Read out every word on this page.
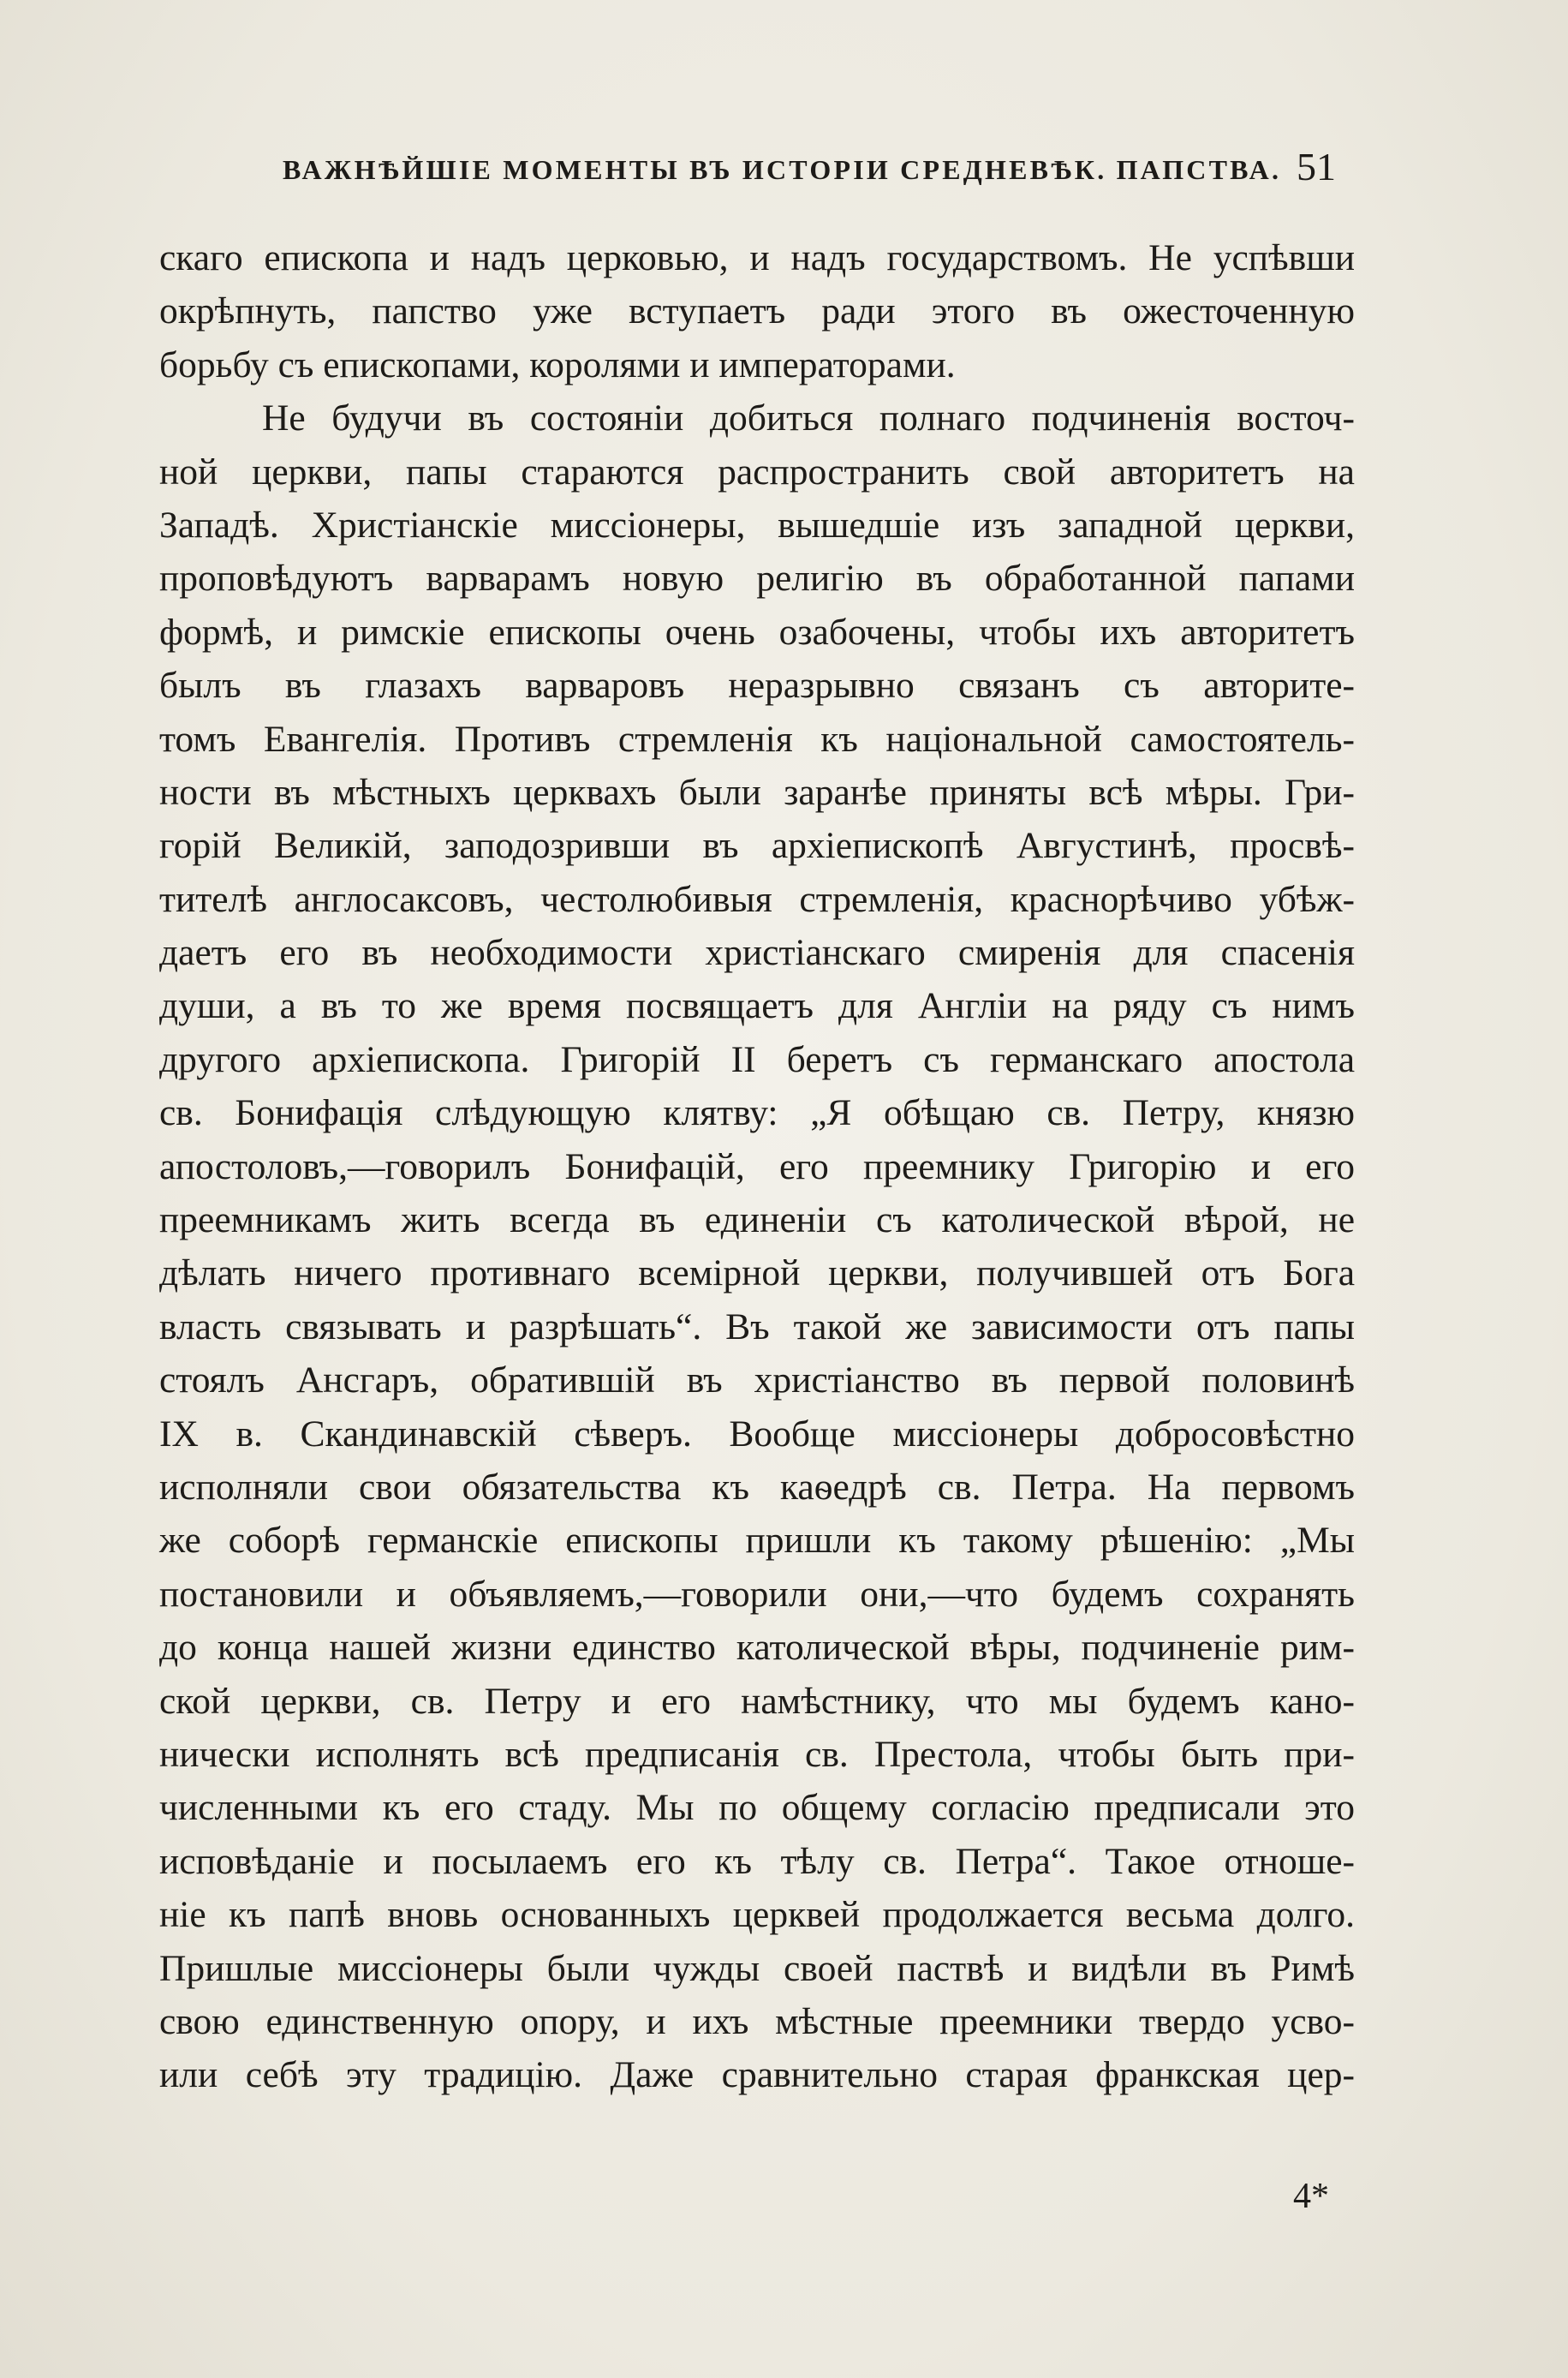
ВАЖНѢЙШІЕ МОМЕНТЫ ВЪ ИСТОРІИ СРЕДНЕВѢК. ПАПСТВА. 51
скаго епископа и надъ церковью, и надъ государствомъ. Не успѣвши
окрѣпнуть, папство уже вступаетъ ради этого въ ожесточенную
борьбу съ епископами, королями и императорами.
Не будучи въ состояніи добиться полнаго подчиненія восточ-
ной церкви, папы стараются распространить свой авторитетъ на
Западѣ. Христіанскіе миссіонеры, вышедшіе изъ западной церкви,
проповѣдуютъ варварамъ новую религію въ обработанной папами
формѣ, и римскіе епископы очень озабочены, чтобы ихъ авторитетъ
былъ въ глазахъ варваровъ неразрывно связанъ съ авторите-
томъ Евангелія. Противъ стремленія къ національной самостоятель-
ности въ мѣстныхъ церквахъ были заранѣе приняты всѣ мѣры. Гри-
горій Великій, заподозривши въ архіепископѣ Августинѣ, просвѣ-
тителѣ англосаксовъ, честолюбивыя стремленія, краснорѣчиво убѣж-
даетъ его въ необходимости христіанскаго смиренія для спасенія
души, а въ то же время посвящаетъ для Англіи на ряду съ нимъ
другого архіепископа. Григорій II беретъ съ германскаго апостола
св. Бонифація слѣдующую клятву: „Я обѣщаю св. Петру, князю
апостоловъ,—говорилъ Бонифацій, его преемнику Григорію и его
преемникамъ жить всегда въ единеніи съ католической вѣрой, не
дѣлать ничего противнаго всемірной церкви, получившей отъ Бога
власть связывать и разрѣшать“. Въ такой же зависимости отъ папы
стоялъ Ансгаръ, обратившій въ христіанство въ первой половинѣ
IX в. Скандинавскій сѣверъ. Вообще миссіонеры добросовѣстно
исполняли свои обязательства къ каѳедрѣ св. Петра. На первомъ
же соборѣ германскіе епископы пришли къ такому рѣшенію: „Мы
постановили и объявляемъ,—говорили они,—что будемъ сохранять
до конца нашей жизни единство католической вѣры, подчиненіе рим-
ской церкви, св. Петру и его намѣстнику, что мы будемъ кано-
нически исполнять всѣ предписанія св. Престола, чтобы быть при-
численными къ его стаду. Мы по общему согласію предписали это
исповѣданіе и посылаемъ его къ тѣлу св. Петра“. Такое отноше-
ніе къ папѣ вновь основанныхъ церквей продолжается весьма долго.
Пришлые миссіонеры были чужды своей паствѣ и видѣли въ Римѣ
свою единственную опору, и ихъ мѣстные преемники твердо усво-
или себѣ эту традицію. Даже сравнительно старая франкская цер-
4*
